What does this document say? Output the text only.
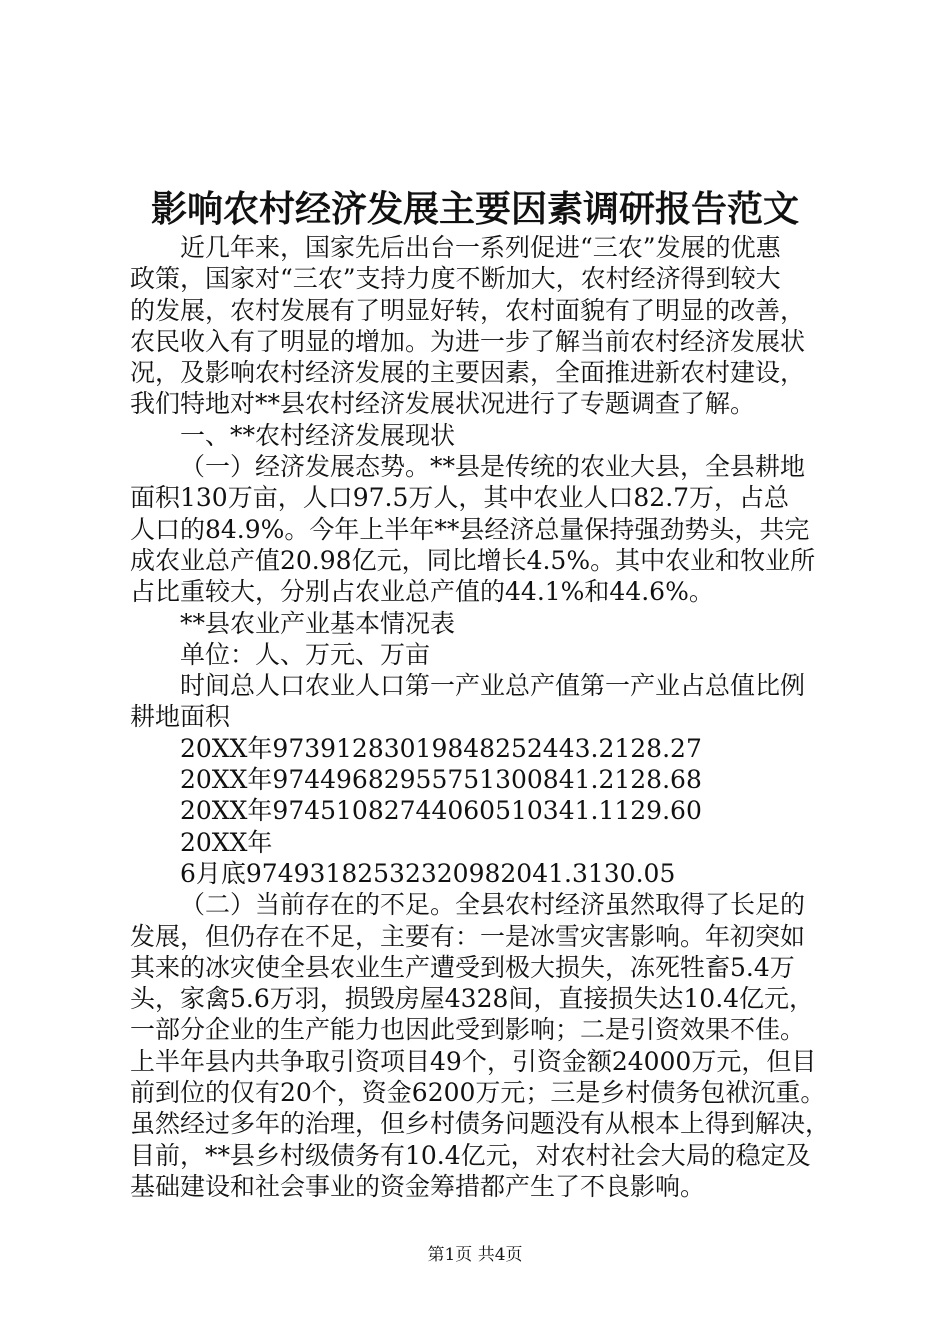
影响农村经济发展主要因素调研报告范文
近几年来，国家先后出台一系列促进“三农”发展的优惠
政策，国家对“三农”支持力度不断加大，农村经济得到较大
的发展，农村发展有了明显好转，农村面貌有了明显的改善，
农民收入有了明显的增加。为进一步了解当前农村经济发展状
况，及影响农村经济发展的主要因素，全面推进新农村建设，
我们特地对**县农村经济发展状况进行了专题调查了解。
一、**农村经济发展现状
（一）经济发展态势。**县是传统的农业大县，全县耕地
面积130万亩，人口97.5万人，其中农业人口82.7万，占总
人口的84.9%。今年上半年**县经济总量保持强劲势头，共完
成农业总产值20.98亿元，同比增长4.5%。其中农业和牧业所
占比重较大，分别占农业总产值的44.1%和44.6%。
**县农业产业基本情况表
单位：人、万元、万亩
时间总人口农业人口第一产业总产值第一产业占总值比例
耕地面积
20XX年97391283019848252443.2128.27
20XX年97449682955751300841.2128.68
20XX年97451082744060510341.1129.60
20XX年
6月底97493182532320982041.3130.05
（二）当前存在的不足。全县农村经济虽然取得了长足的
发展，但仍存在不足，主要有：一是冰雪灾害影响。年初突如
其来的冰灾使全县农业生产遭受到极大损失，冻死牲畜5.4万
头，家禽5.6万羽，损毁房屋4328间，直接损失达10.4亿元，
一部分企业的生产能力也因此受到影响；二是引资效果不佳。
上半年县内共争取引资项目49个，引资金额24000万元，但目
前到位的仅有20个，资金6200万元；三是乡村债务包袱沉重。
虽然经过多年的治理，但乡村债务问题没有从根本上得到解决，
目前，**县乡村级债务有10.4亿元，对农村社会大局的稳定及
基础建设和社会事业的资金筹措都产生了不良影响。
第1页 共4页
